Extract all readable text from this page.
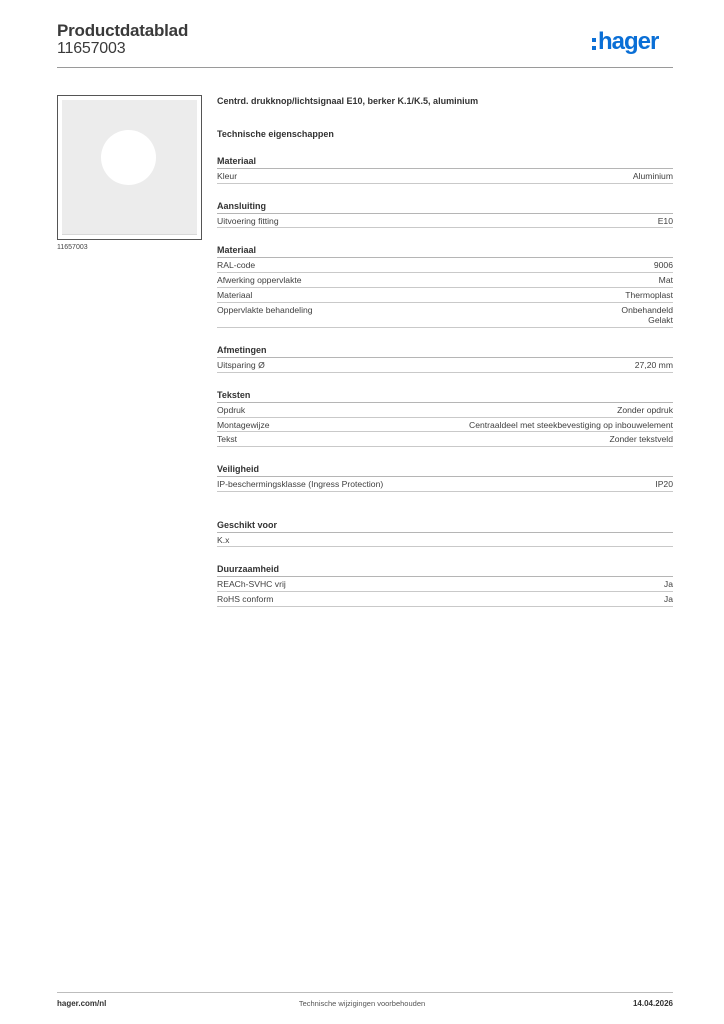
Productdatablad
11657003	hager
11657003
Centrd. drukknop/lichtsignaal E10, berker K.1/K.5, aluminium
Technische eigenschappen
Materiaal
Kleur	Aluminium
Aansluiting
Uitvoering fitting	E10
Materiaal
RAL-code	9006
Afwerking oppervlakte	Mat
Materiaal	Thermoplast
Oppervlakte behandeling	Onbehandeld
Gelakt
Afmetingen
Uitsparing Ø	27,20 mm
Teksten
Opdruk	Zonder opdruk
Montagewijze	Centraaldeel met steekbevestiging op inbouwelement
Tekst	Zonder tekstveld
Veiligheid
IP-beschermingsklasse (Ingress Protection)	IP20
Geschikt voor
K.x
Duurzaamheid
REACh-SVHC vrij	Ja
RoHS conform	Ja
hager.com/nl	Technische wijzigingen voorbehouden	14.04.2026
